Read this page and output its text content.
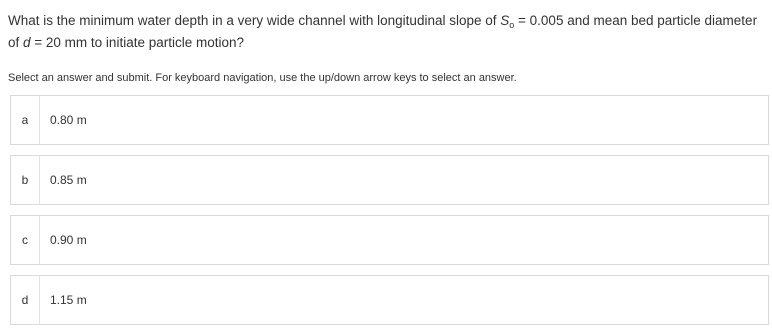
What is the minimum water depth in a very wide channel with longitudinal slope of $S_o = 0.005$ and mean bed particle diameter of d = 20 mm to initiate particle motion?
Select an answer and submit. For keyboard navigation, use the up/down arrow keys to select an answer.
a	0.80 m
b	0.85 m
c	0.90 m
d	1.15 m
